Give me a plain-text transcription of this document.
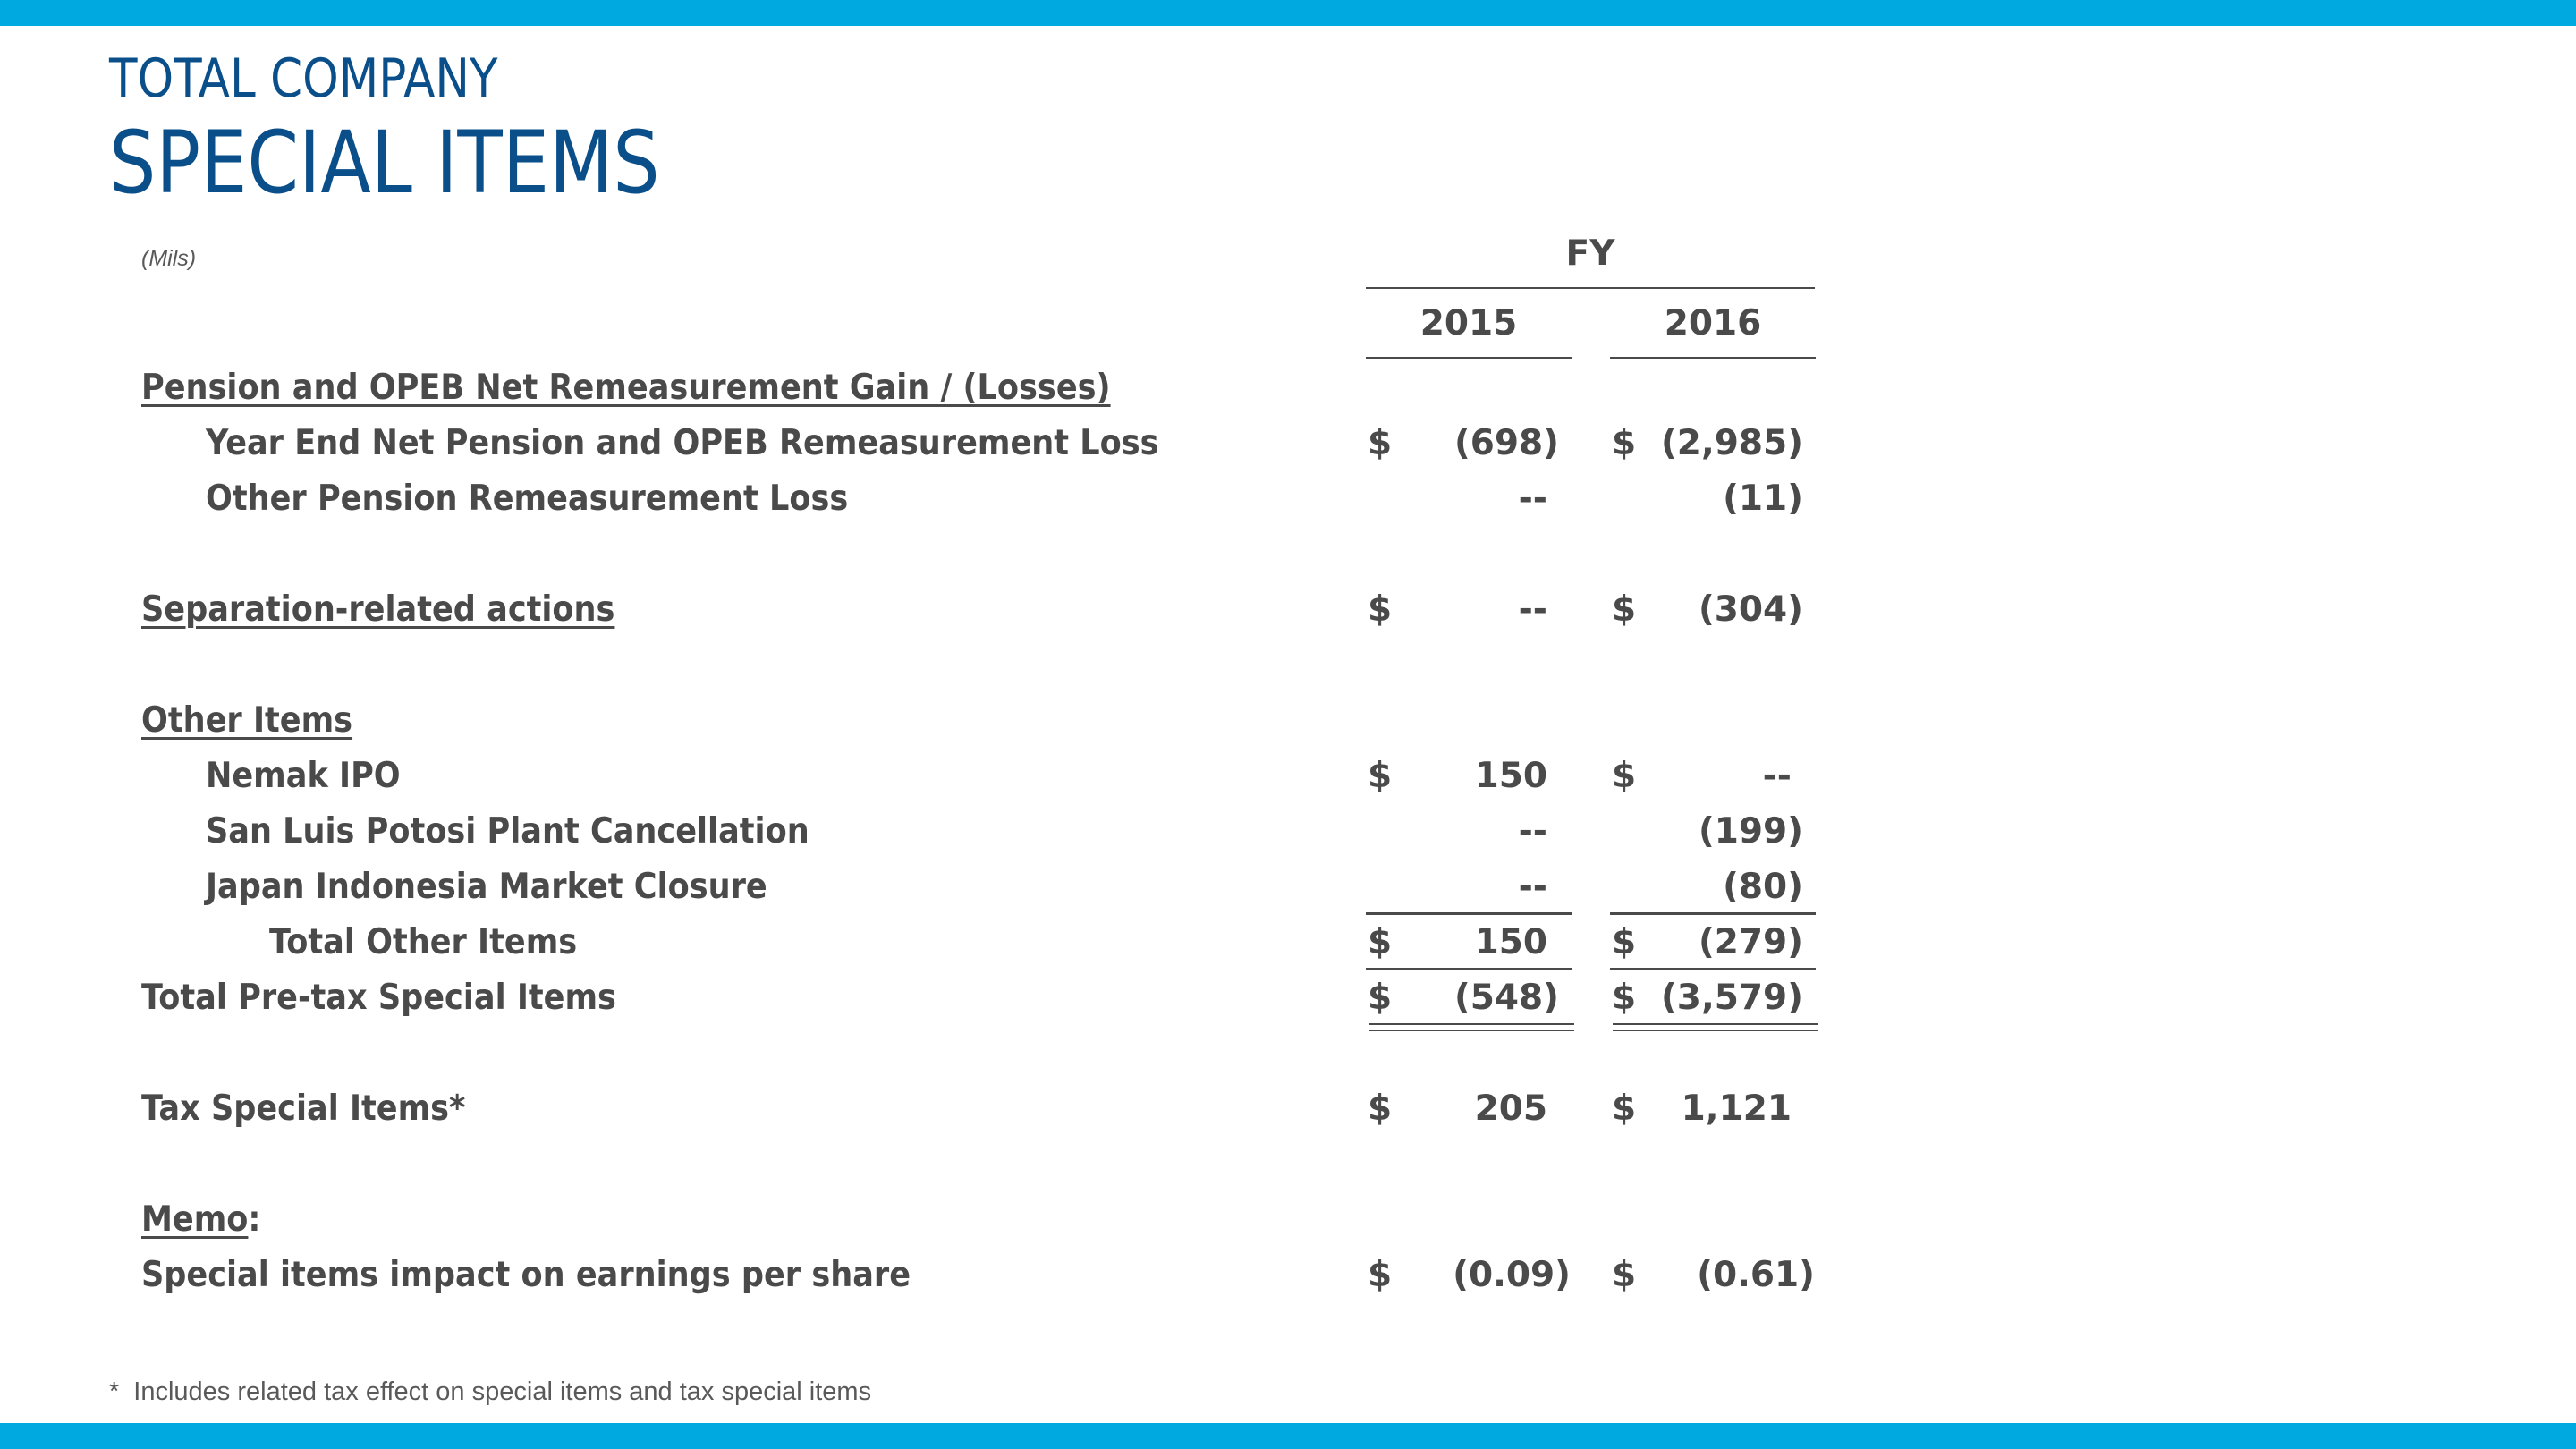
TOTAL COMPANY
SPECIAL ITEMS
(Mils)	FY
2015	2016
Pension and OPEB Net Remeasurement Gain / (Losses)
Year End Net Pension and OPEB Remeasurement Loss	$	(698) $ (2,985)
Other Pension Remeasurement Loss	--	(11)
Separation-related actions	$	-- $	(304)
Other Items
Nemak IPO	$	150 $	--
San Luis Potosi Plant Cancellation	--	(199)
Japan Indonesia Market Closure	--	(80)
Total Other Items	$	150 $	(279)
Total Pre-tax Special Items	$	(548) $ (3,579)
Tax Special Items*	$	205 $	1,121
Memo:
Special items impact on earnings per share	$	(0.09) $	(0.61)
* Includes related tax effect on special items and tax special items
